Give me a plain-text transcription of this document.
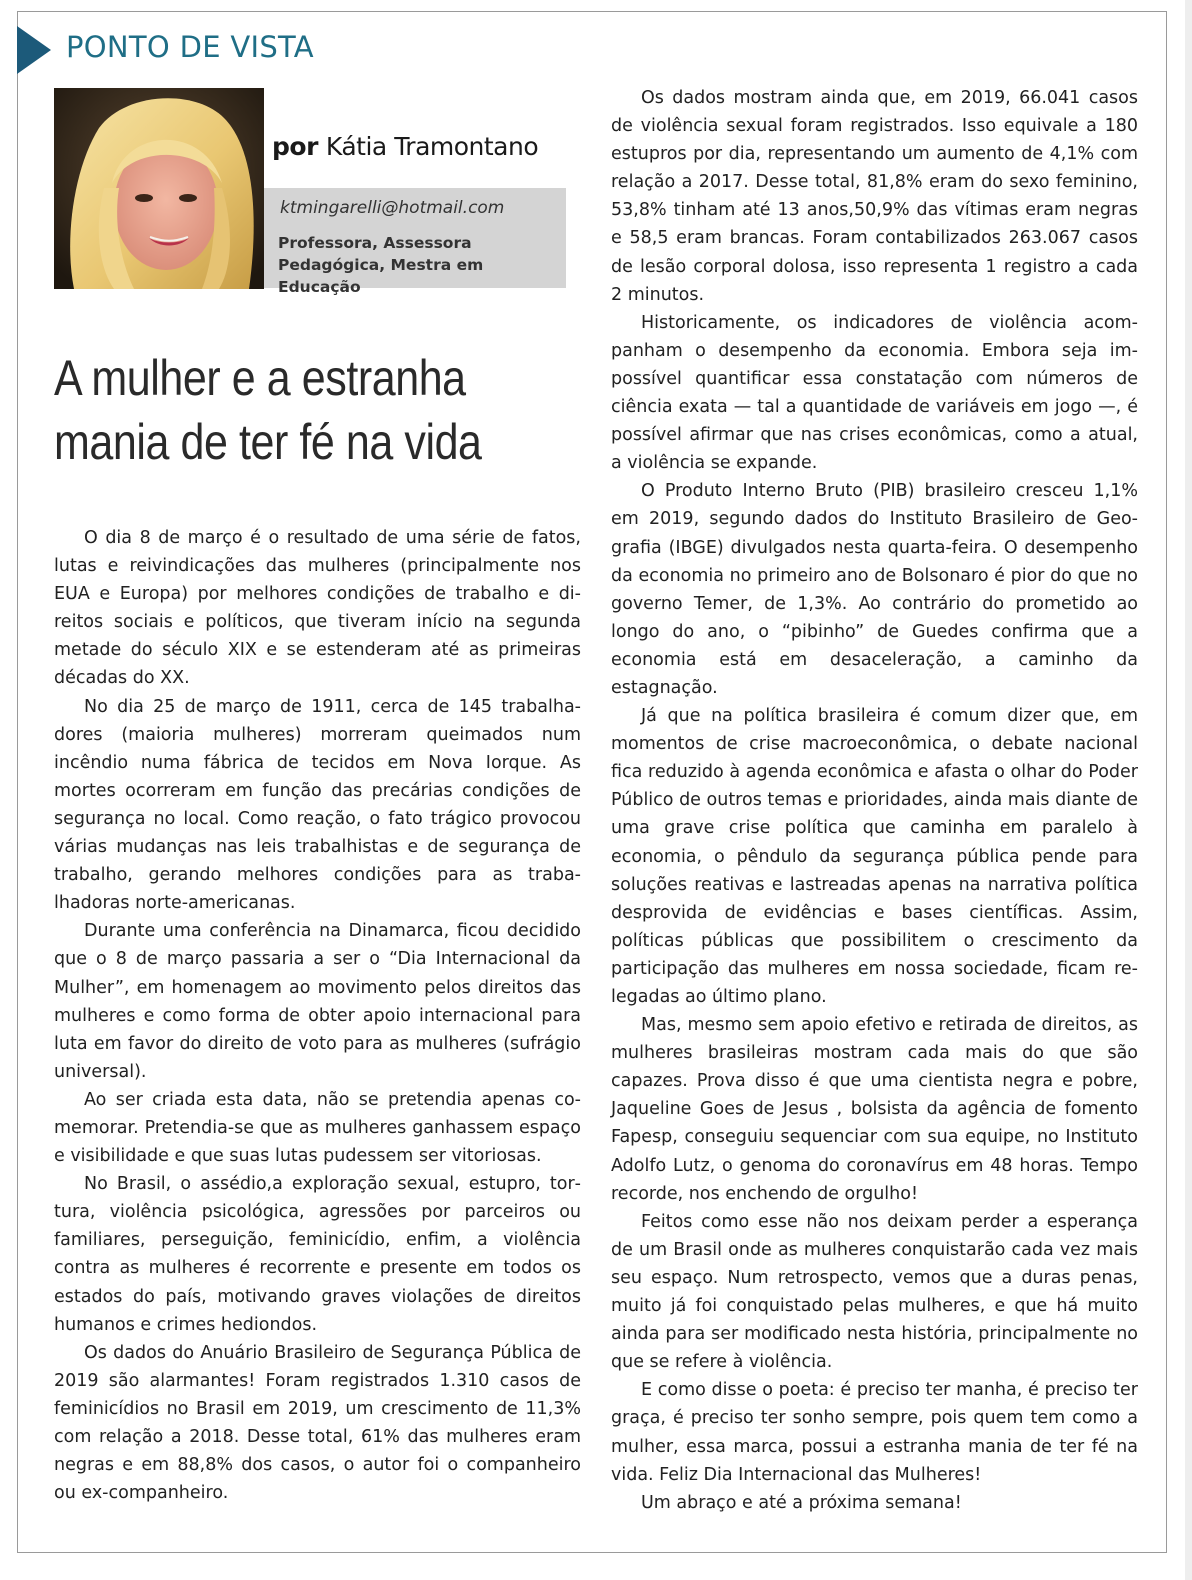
PONTO DE VISTA
por Kátia Tramontano
ktmingarelli@hotmail.com
Professora, Assessora
Pedagógica, Mestra em Educação
A mulher e a estranha
mania de ter fé na vida

O dia 8 de março é o resultado de uma série de fatos, lutas e reivindicações das mulheres (principalmente nos EUA e Europa) por melhores condições de trabalho e direitos sociais e políticos, que tiveram início na segunda metade do século XIX e se estenderam até as primeiras décadas do XX.

No dia 25 de março de 1911, cerca de 145 trabalhadores (maioria mulheres) morreram queimados num incêndio numa fábrica de tecidos em Nova Iorque. As mortes ocorreram em função das precárias condições de segurança no local. Como reação, o fato trágico provocou várias mudanças nas leis trabalhistas e de segurança de trabalho, gerando melhores condições para as trabalhadoras norte-americanas.

Durante uma conferência na Dinamarca, ficou decidido que o 8 de março passaria a ser o “Dia Internacional da Mulher”, em homenagem ao movimento pelos direitos das mulheres e como forma de obter apoio internacional para luta em favor do direito de voto para as mulheres (sufrágio universal).

Ao ser criada esta data, não se pretendia apenas comemorar. Pretendia-se que as mulheres ganhassem espaço e visibilidade e que suas lutas pudessem ser vitoriosas.

No Brasil, o assédio,a exploração sexual, estupro, tortura, violência psicológica, agressões por parceiros ou familiares, perseguição, feminicídio, enfim, a violência contra as mulheres é recorrente e presente em todos os estados do país, motivando graves violações de direitos humanos e crimes hediondos.

Os dados do Anuário Brasileiro de Segurança Pública de 2019 são alarmantes! Foram registrados 1.310 casos de feminicídios no Brasil em 2019, um crescimento de 11,3% com relação a 2018. Desse total, 61% das mulheres eram negras e em 88,8% dos casos, o autor foi o companheiro ou ex-companheiro.

Os dados mostram ainda que, em 2019, 66.041 casos de violência sexual foram registrados. Isso equivale a 180 estupros por dia, representando um aumento de 4,1% com relação a 2017. Desse total, 81,8% eram do sexo feminino, 53,8% tinham até 13 anos,50,9% das vítimas eram negras e 58,5 eram brancas. Foram contabilizados 263.067 casos de lesão corporal dolosa, isso representa 1 registro a cada 2 minutos.

Historicamente, os indicadores de violência acompanham o desempenho da economia. Embora seja impossível quantificar essa constatação com números de ciência exata — tal a quantidade de variáveis em jogo —, é possível afirmar que nas crises econômicas, como a atual, a violência se expande.

O Produto Interno Bruto (PIB) brasileiro cresceu 1,1% em 2019, segundo dados do Instituto Brasileiro de Geografia (IBGE) divulgados nesta quarta-feira. O desempenho da economia no primeiro ano de Bolsonaro é pior do que no governo Temer, de 1,3%. Ao contrário do prometido ao longo do ano, o “pibinho” de Guedes confirma que a economia está em desaceleração, a caminho da estagnação.

Já que na política brasileira é comum dizer que, em momentos de crise macroeconômica, o debate nacional fica reduzido à agenda econômica e afasta o olhar do Poder Público de outros temas e prioridades, ainda mais diante de uma grave crise política que caminha em paralelo à economia, o pêndulo da segurança pública pende para soluções reativas e lastreadas apenas na narrativa política desprovida de evidências e bases científicas. Assim, políticas públicas que possibilitem o crescimento da participação das mulheres em nossa sociedade, ficam relegadas ao último plano.

Mas, mesmo sem apoio efetivo e retirada de direitos, as mulheres brasileiras mostram cada mais do que são capazes. Prova disso é que uma cientista negra e pobre, Jaqueline Goes de Jesus , bolsista da agência de fomento Fapesp, conseguiu sequenciar com sua equipe, no Instituto Adolfo Lutz, o genoma do coronavírus em 48 horas. Tempo recorde, nos enchendo de orgulho!

Feitos como esse não nos deixam perder a esperança de um Brasil onde as mulheres conquistarão cada vez mais seu espaço. Num retrospecto, vemos que a duras penas, muito já foi conquistado pelas mulheres, e que há muito ainda para ser modificado nesta história, principalmente no que se refere à violência.

E como disse o poeta: é preciso ter manha, é preciso ter graça, é preciso ter sonho sempre, pois quem tem como a mulher, essa marca, possui a estranha mania de ter fé na vida. Feliz Dia Internacional das Mulheres!

Um abraço e até a próxima semana!
